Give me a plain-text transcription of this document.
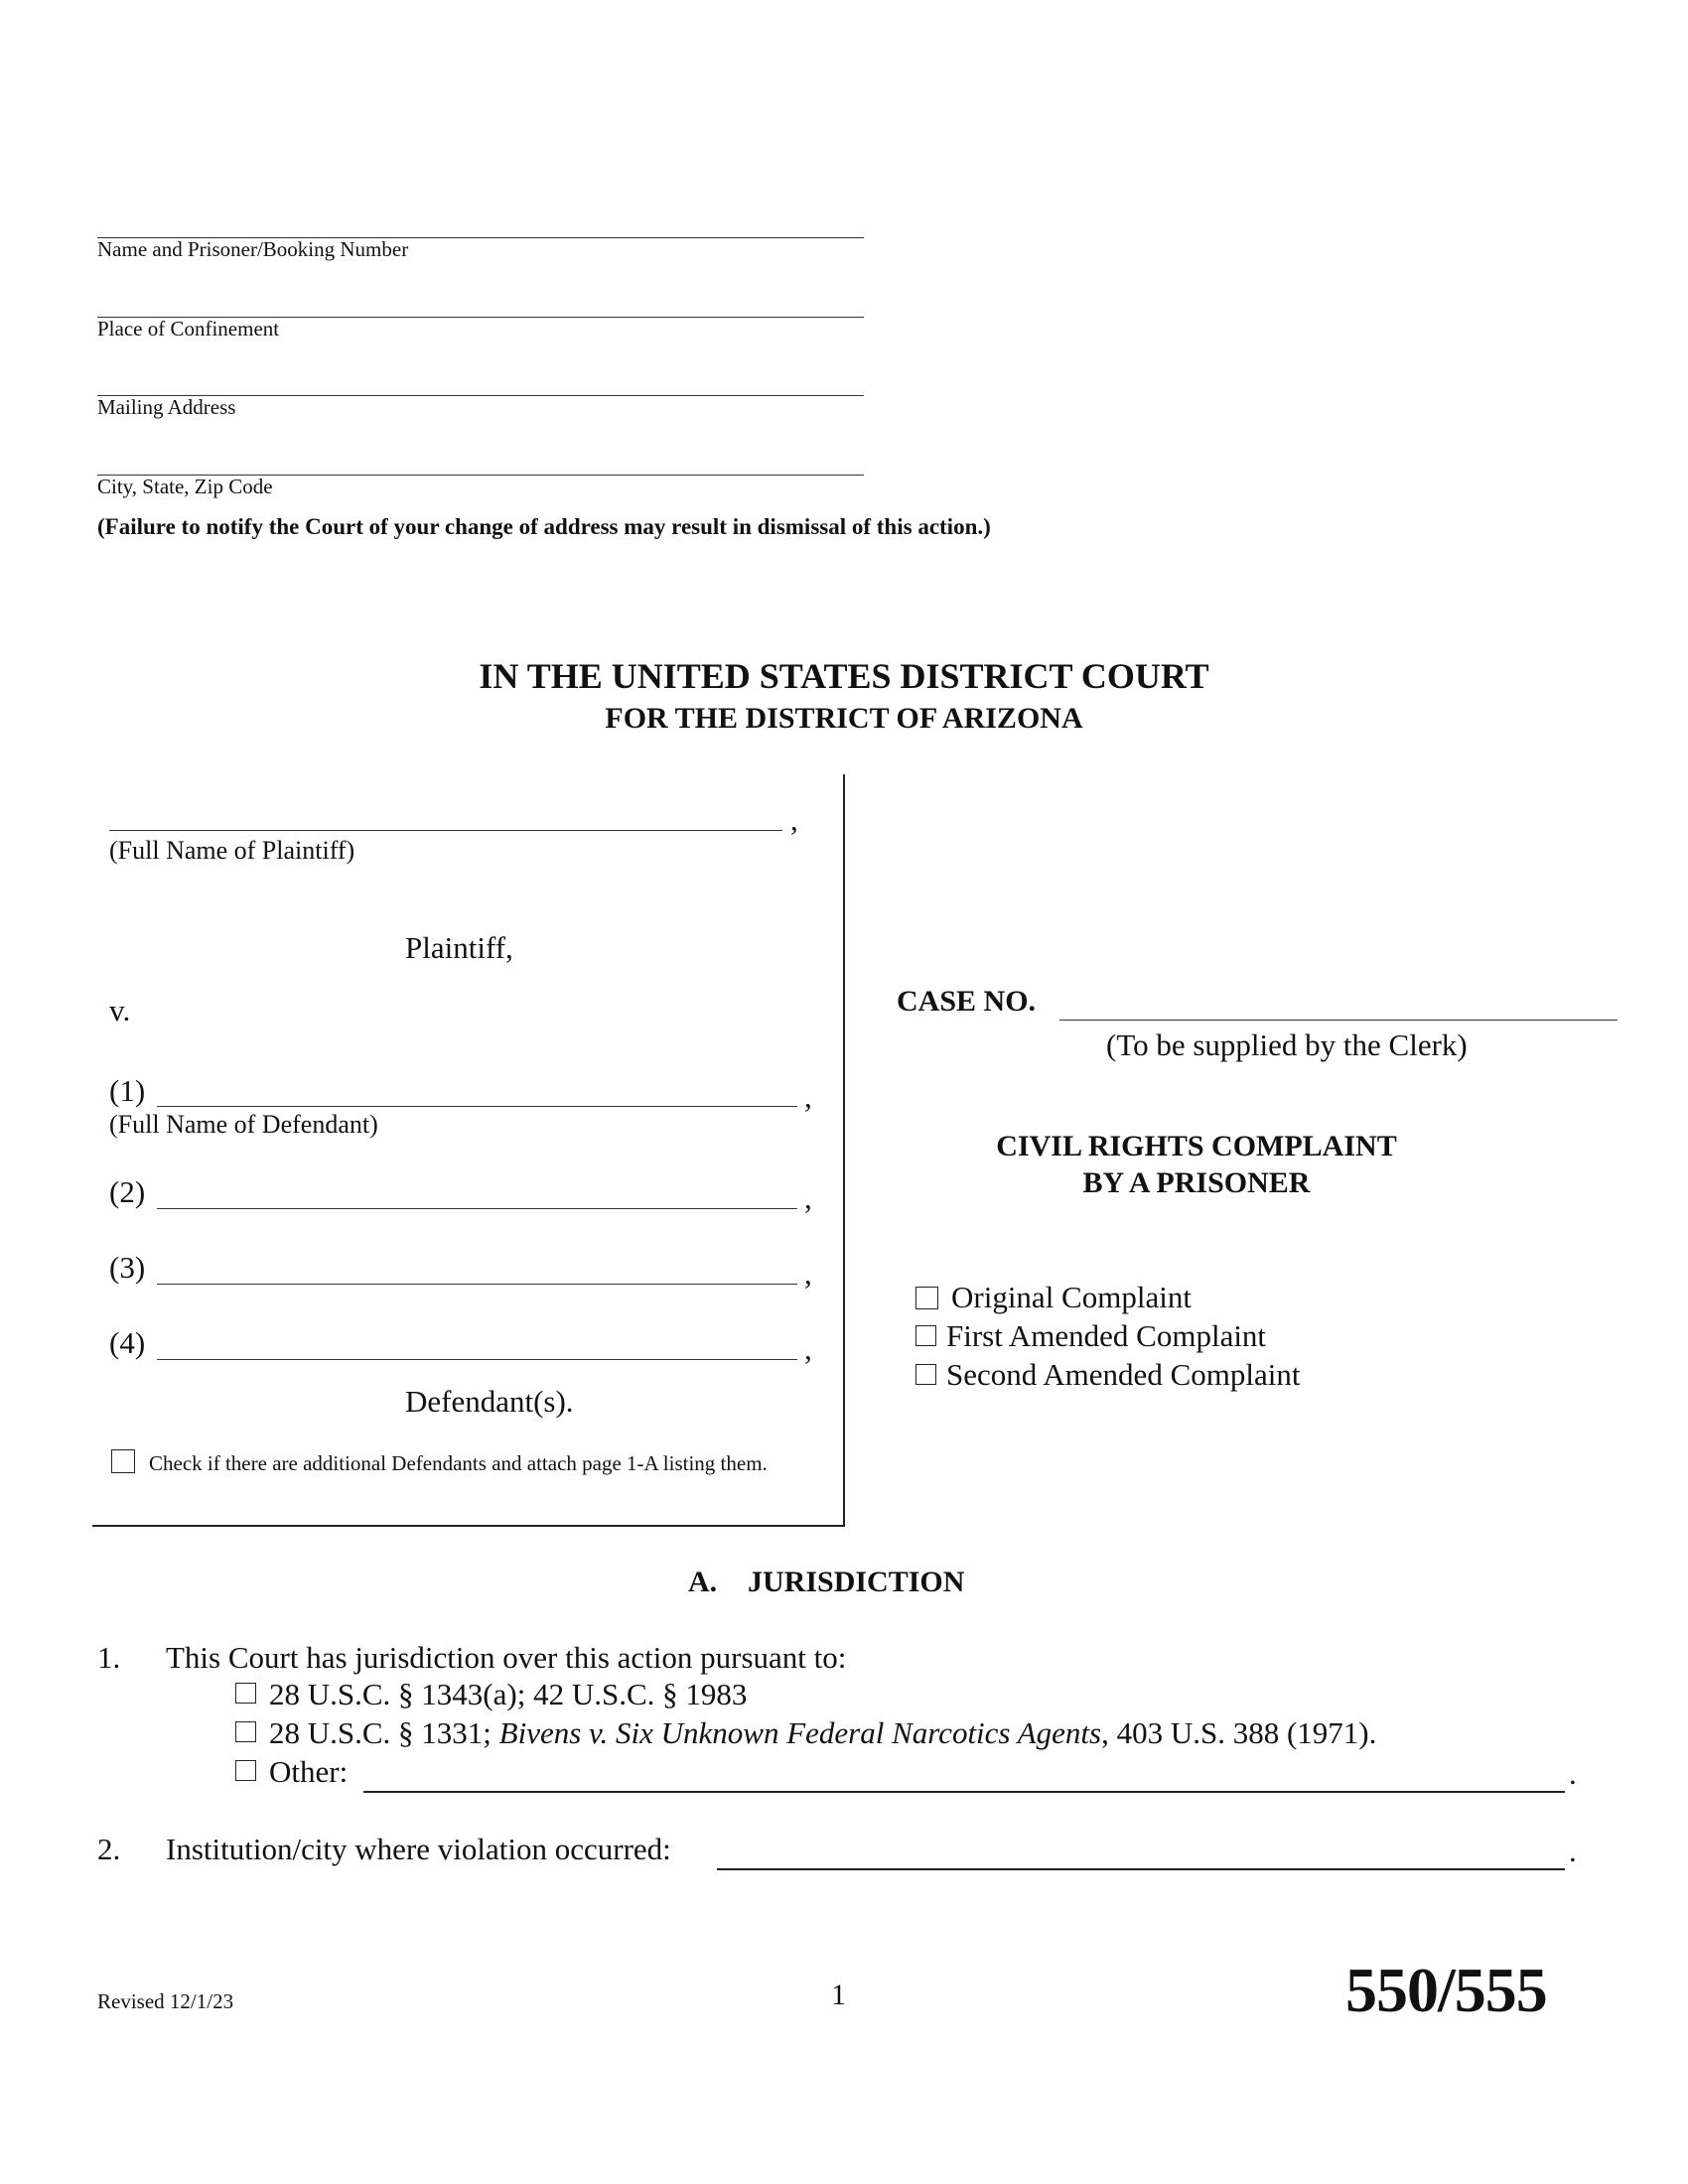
Name and Prisoner/Booking Number
Place of Confinement
Mailing Address
City, State, Zip Code
(Failure to notify the Court of your change of address may result in dismissal of this action.)
IN THE UNITED STATES DISTRICT COURT
FOR THE DISTRICT OF ARIZONA
,
(Full Name of Plaintiff)
Plaintiff,
v.
(1)	,
(Full Name of Defendant)
(2)	,
(3)	,
(4)	,
Defendant(s).
Check if there are additional Defendants and attach page 1-A listing them.
CASE NO.
(To be supplied by the Clerk)
CIVIL RIGHTS COMPLAINT
BY A PRISONER
Original Complaint
First Amended Complaint
Second Amended Complaint
A. JURISDICTION
1. This Court has jurisdiction over this action pursuant to:
28 U.S.C. § 1343(a); 42 U.S.C. § 1983
28 U.S.C. § 1331; Bivens v. Six Unknown Federal Narcotics Agents, 403 U.S. 388 (1971).
Other:	.
2. Institution/city where violation occurred:	.
Revised 12/1/23	1	550/555
